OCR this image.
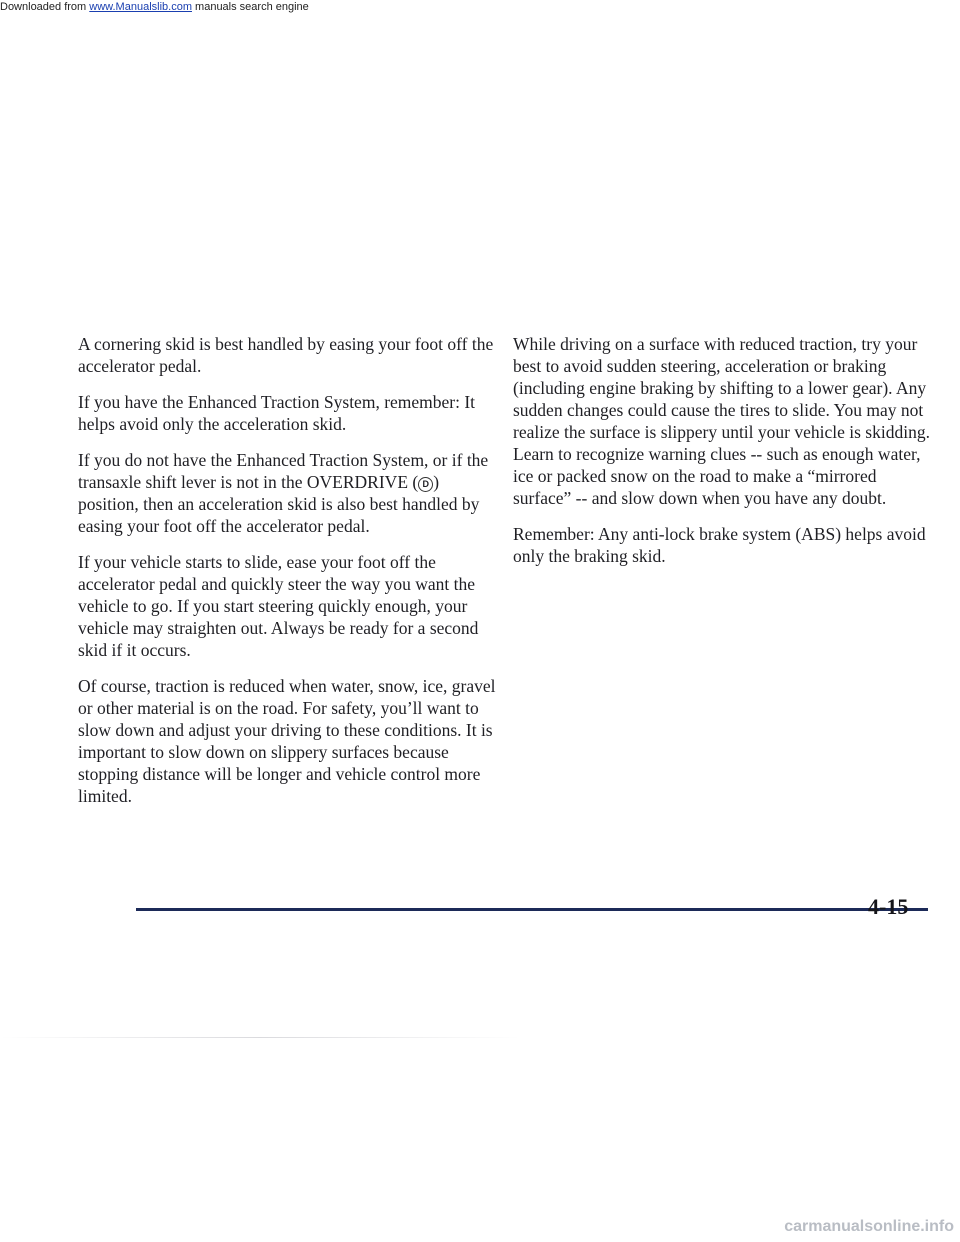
Downloaded from www.Manualslib.com manuals search engine

A cornering skid is best handled by easing your foot off the accelerator pedal.

If you have the Enhanced Traction System, remember: It helps avoid only the acceleration skid.

If you do not have the Enhanced Traction System, or if the transaxle shift lever is not in the OVERDRIVE ( D ) position, then an acceleration skid is also best handled by easing your foot off the accelerator pedal.

If your vehicle starts to slide, ease your foot off the accelerator pedal and quickly steer the way you want the vehicle to go. If you start steering quickly enough, your vehicle may straighten out. Always be ready for a second skid if it occurs.

Of course, traction is reduced when water, snow, ice, gravel or other material is on the road. For safety, you’ll want to slow down and adjust your driving to these conditions. It is important to slow down on slippery surfaces because stopping distance will be longer and vehicle control more limited.

While driving on a surface with reduced traction, try your best to avoid sudden steering, acceleration or braking (including engine braking by shifting to a lower gear). Any sudden changes could cause the tires to slide. You may not realize the surface is slippery until your vehicle is skidding. Learn to recognize warning clues -- such as enough water, ice or packed snow on the road to make a “mirrored surface” -- and slow down when you have any doubt.

Remember: Any anti-lock brake system (ABS) helps avoid only the braking skid.

4-15
carmanualsonline.info
